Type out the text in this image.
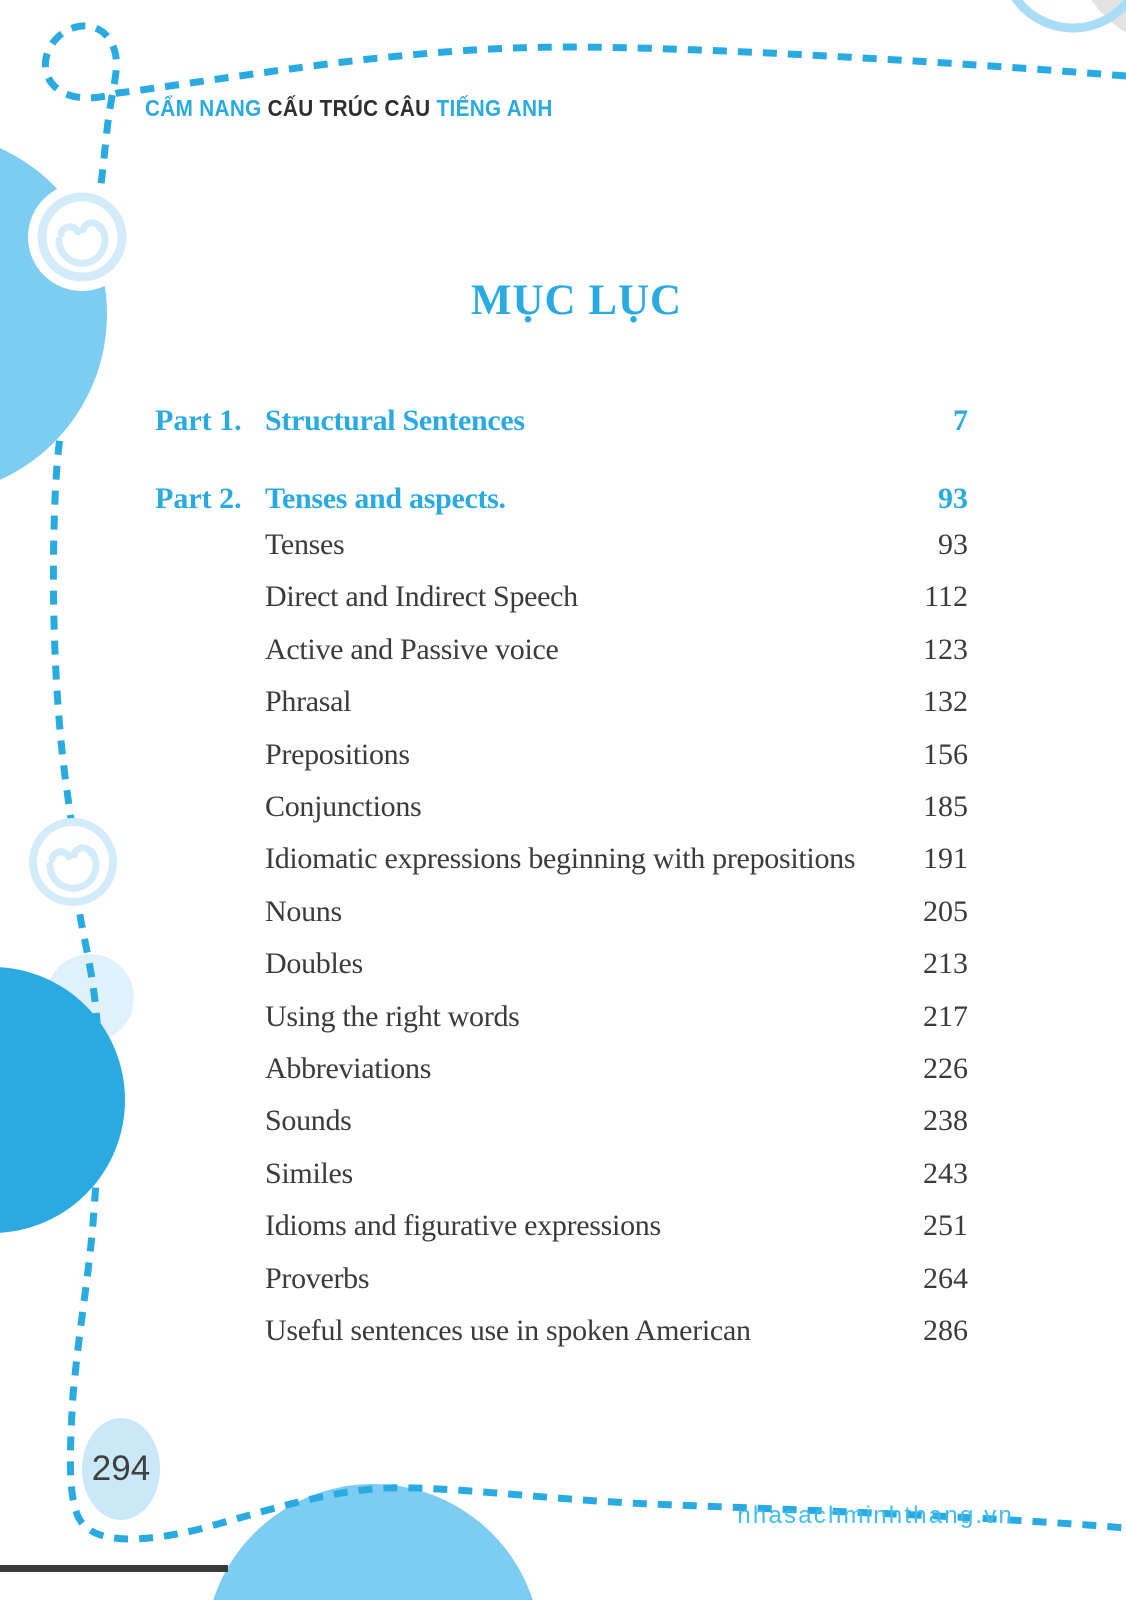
CẨM NANG CẤU TRÚC CÂU TIẾNG ANH
MỤC LỤC
Part 1. Structural Sentences	7
Part 2. Tenses and aspects.	93
Tenses	93
Direct and Indirect Speech	112
Active and Passive voice	123
Phrasal	132
Prepositions	156
Conjunctions	185
Idiomatic expressions beginning with prepositions	191
Nouns	205
Doubles	213
Using the right words	217
Abbreviations	226
Sounds	238
Similes	243
Idioms and figurative expressions	251
Proverbs	264
Useful sentences use in spoken American	286
294
nhasachminhthang.vn
